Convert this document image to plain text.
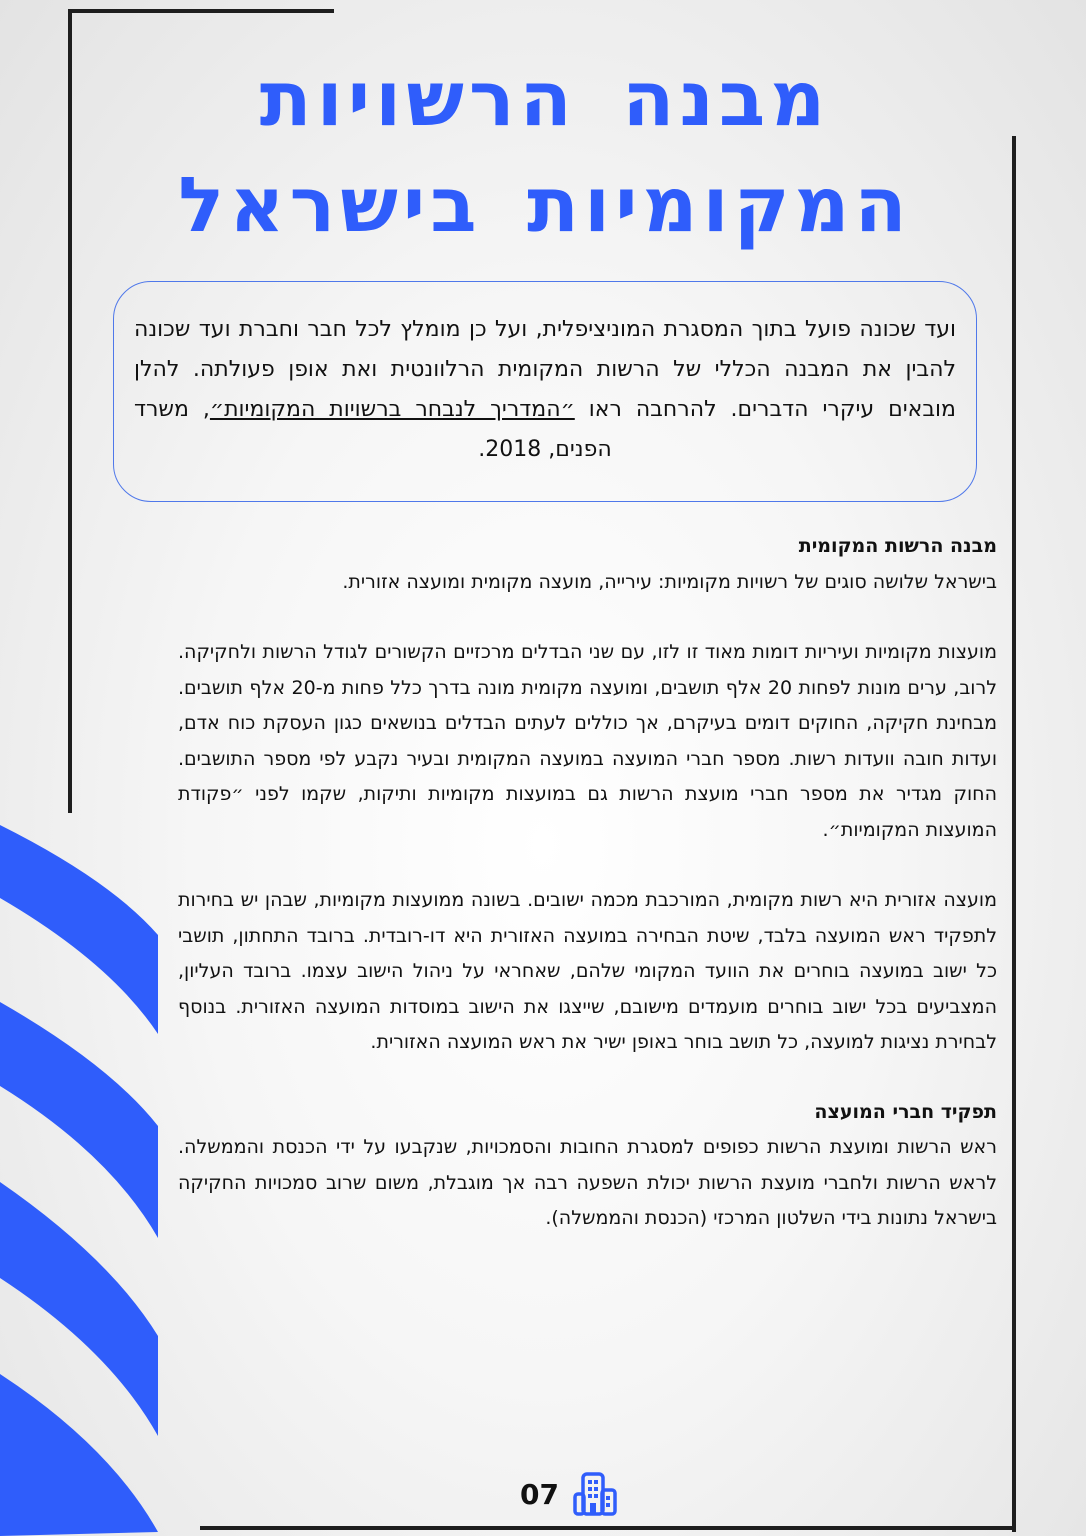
מבנה הרשויות
המקומיות בישראל
ועד שכונה פועל בתוך המסגרת המוניציפלית, ועל כן מומלץ לכל חבר וחברת ועד שכונה להבין את המבנה הכללי של הרשות המקומית הרלוונטית ואת אופן פעולתה. להלן מובאים עיקרי הדברים. להרחבה ראו ״המדריך לנבחר ברשויות המקומיות״, משרד הפנים, 2018.
מבנה הרשות המקומית

בישראל שלושה סוגים של רשויות מקומיות: עירייה, מועצה מקומית ומועצה אזורית.

מועצות מקומיות ועיריות דומות מאוד זו לזו, עם שני הבדלים מרכזיים הקשורים לגודל הרשות ולחקיקה. לרוב, ערים מונות לפחות 20 אלף תושבים, ומועצה מקומית מונה בדרך כלל פחות מ-20 אלף תושבים. מבחינת חקיקה, החוקים דומים בעיקרם, אך כוללים לעתים הבדלים בנושאים כגון העסקת כוח אדם, ועדות חובה וועדות רשות. מספר חברי המועצה במועצה המקומית ובעיר נקבע לפי מספר התושבים. החוק מגדיר את מספר חברי מועצת הרשות גם במועצות מקומיות ותיקות, שקמו לפני ״פקודת המועצות המקומיות״.

מועצה אזורית היא רשות מקומית, המורכבת מכמה ישובים. בשונה ממועצות מקומיות, שבהן יש בחירות לתפקיד ראש המועצה בלבד, שיטת הבחירה במועצה האזורית היא דו-רובדית. ברובד התחתון, תושבי כל ישוב במועצה בוחרים את הוועד המקומי שלהם, שאחראי על ניהול הישוב עצמו. ברובד העליון, המצביעים בכל ישוב בוחרים מועמדים מישובם, שייצגו את הישוב במוסדות המועצה האזורית. בנוסף לבחירת נציגות למועצה, כל תושב בוחר באופן ישיר את ראש המועצה האזורית.

תפקיד חברי המועצה

ראש הרשות ומועצת הרשות כפופים למסגרת החובות והסמכויות, שנקבעו על ידי הכנסת והממשלה. לראש הרשות ולחברי מועצת הרשות יכולת השפעה רבה אך מוגבלת, משום שרוב סמכויות החקיקה בישראל נתונות בידי השלטון המרכזי (הכנסת והממשלה).

07
